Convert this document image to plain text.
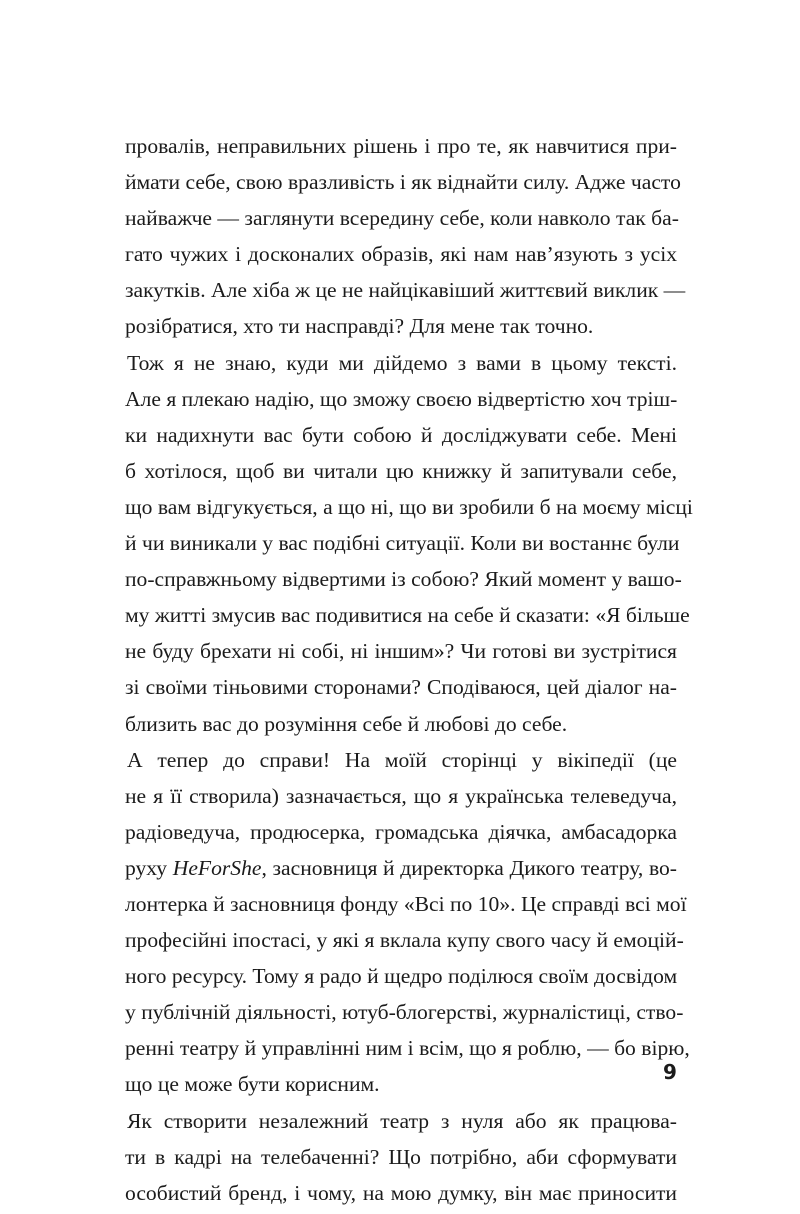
провалів, неправильних рішень і про те, як навчитися при-
ймати себе, свою вразливість і як віднайти силу. Адже часто
найважче — заглянути всередину себе, коли навколо так ба-
гато чужих і досконалих образів, які нам нав’язують з усіх
закутків. Але хіба ж це не найцікавіший життєвий виклик —
розібратися, хто ти насправді? Для мене так точно.
Тож я не знаю, куди ми дійдемо з вами в цьому тексті.
Але я плекаю надію, що зможу своєю відвертістю хоч тріш-
ки надихнути вас бути собою й досліджувати себе. Мені
б хотілося, щоб ви читали цю книжку й запитували себе,
що вам відгукується, а що ні, що ви зробили б на моєму місці
й чи виникали у вас подібні ситуації. Коли ви востаннє були
по-справжньому відвертими із собою? Який момент у вашо-
му житті змусив вас подивитися на себе й сказати: «Я більше
не буду брехати ні собі, ні іншим»? Чи готові ви зустрітися
зі своїми тіньовими сторонами? Сподіваюся, цей діалог на-
близить вас до розуміння себе й любові до себе.
А тепер до справи! На моїй сторінці у вікіпедії (це
не я її створила) зазначається, що я українська телеведуча,
радіоведуча, продюсерка, громадська діячка, амбасадорка
руху HeForShe, засновниця й директорка Дикого театру, во-
лонтерка й засновниця фонду «Всі по 10». Це справді всі мої
професійні іпостасі, у які я вклала купу свого часу й емоцій-
ного ресурсу. Тому я радо й щедро поділюся своїм досвідом
у публічній діяльності, ютуб-блогерстві, журналістиці, ство-
ренні театру й управлінні ним і всім, що я роблю, — бо вірю,
що це може бути корисним.
Як створити незалежний театр з нуля або як працюва-
ти в кадрі на телебаченні? Що потрібно, аби сформувати
особистий бренд, і чому, на мою думку, він має приносити
9
